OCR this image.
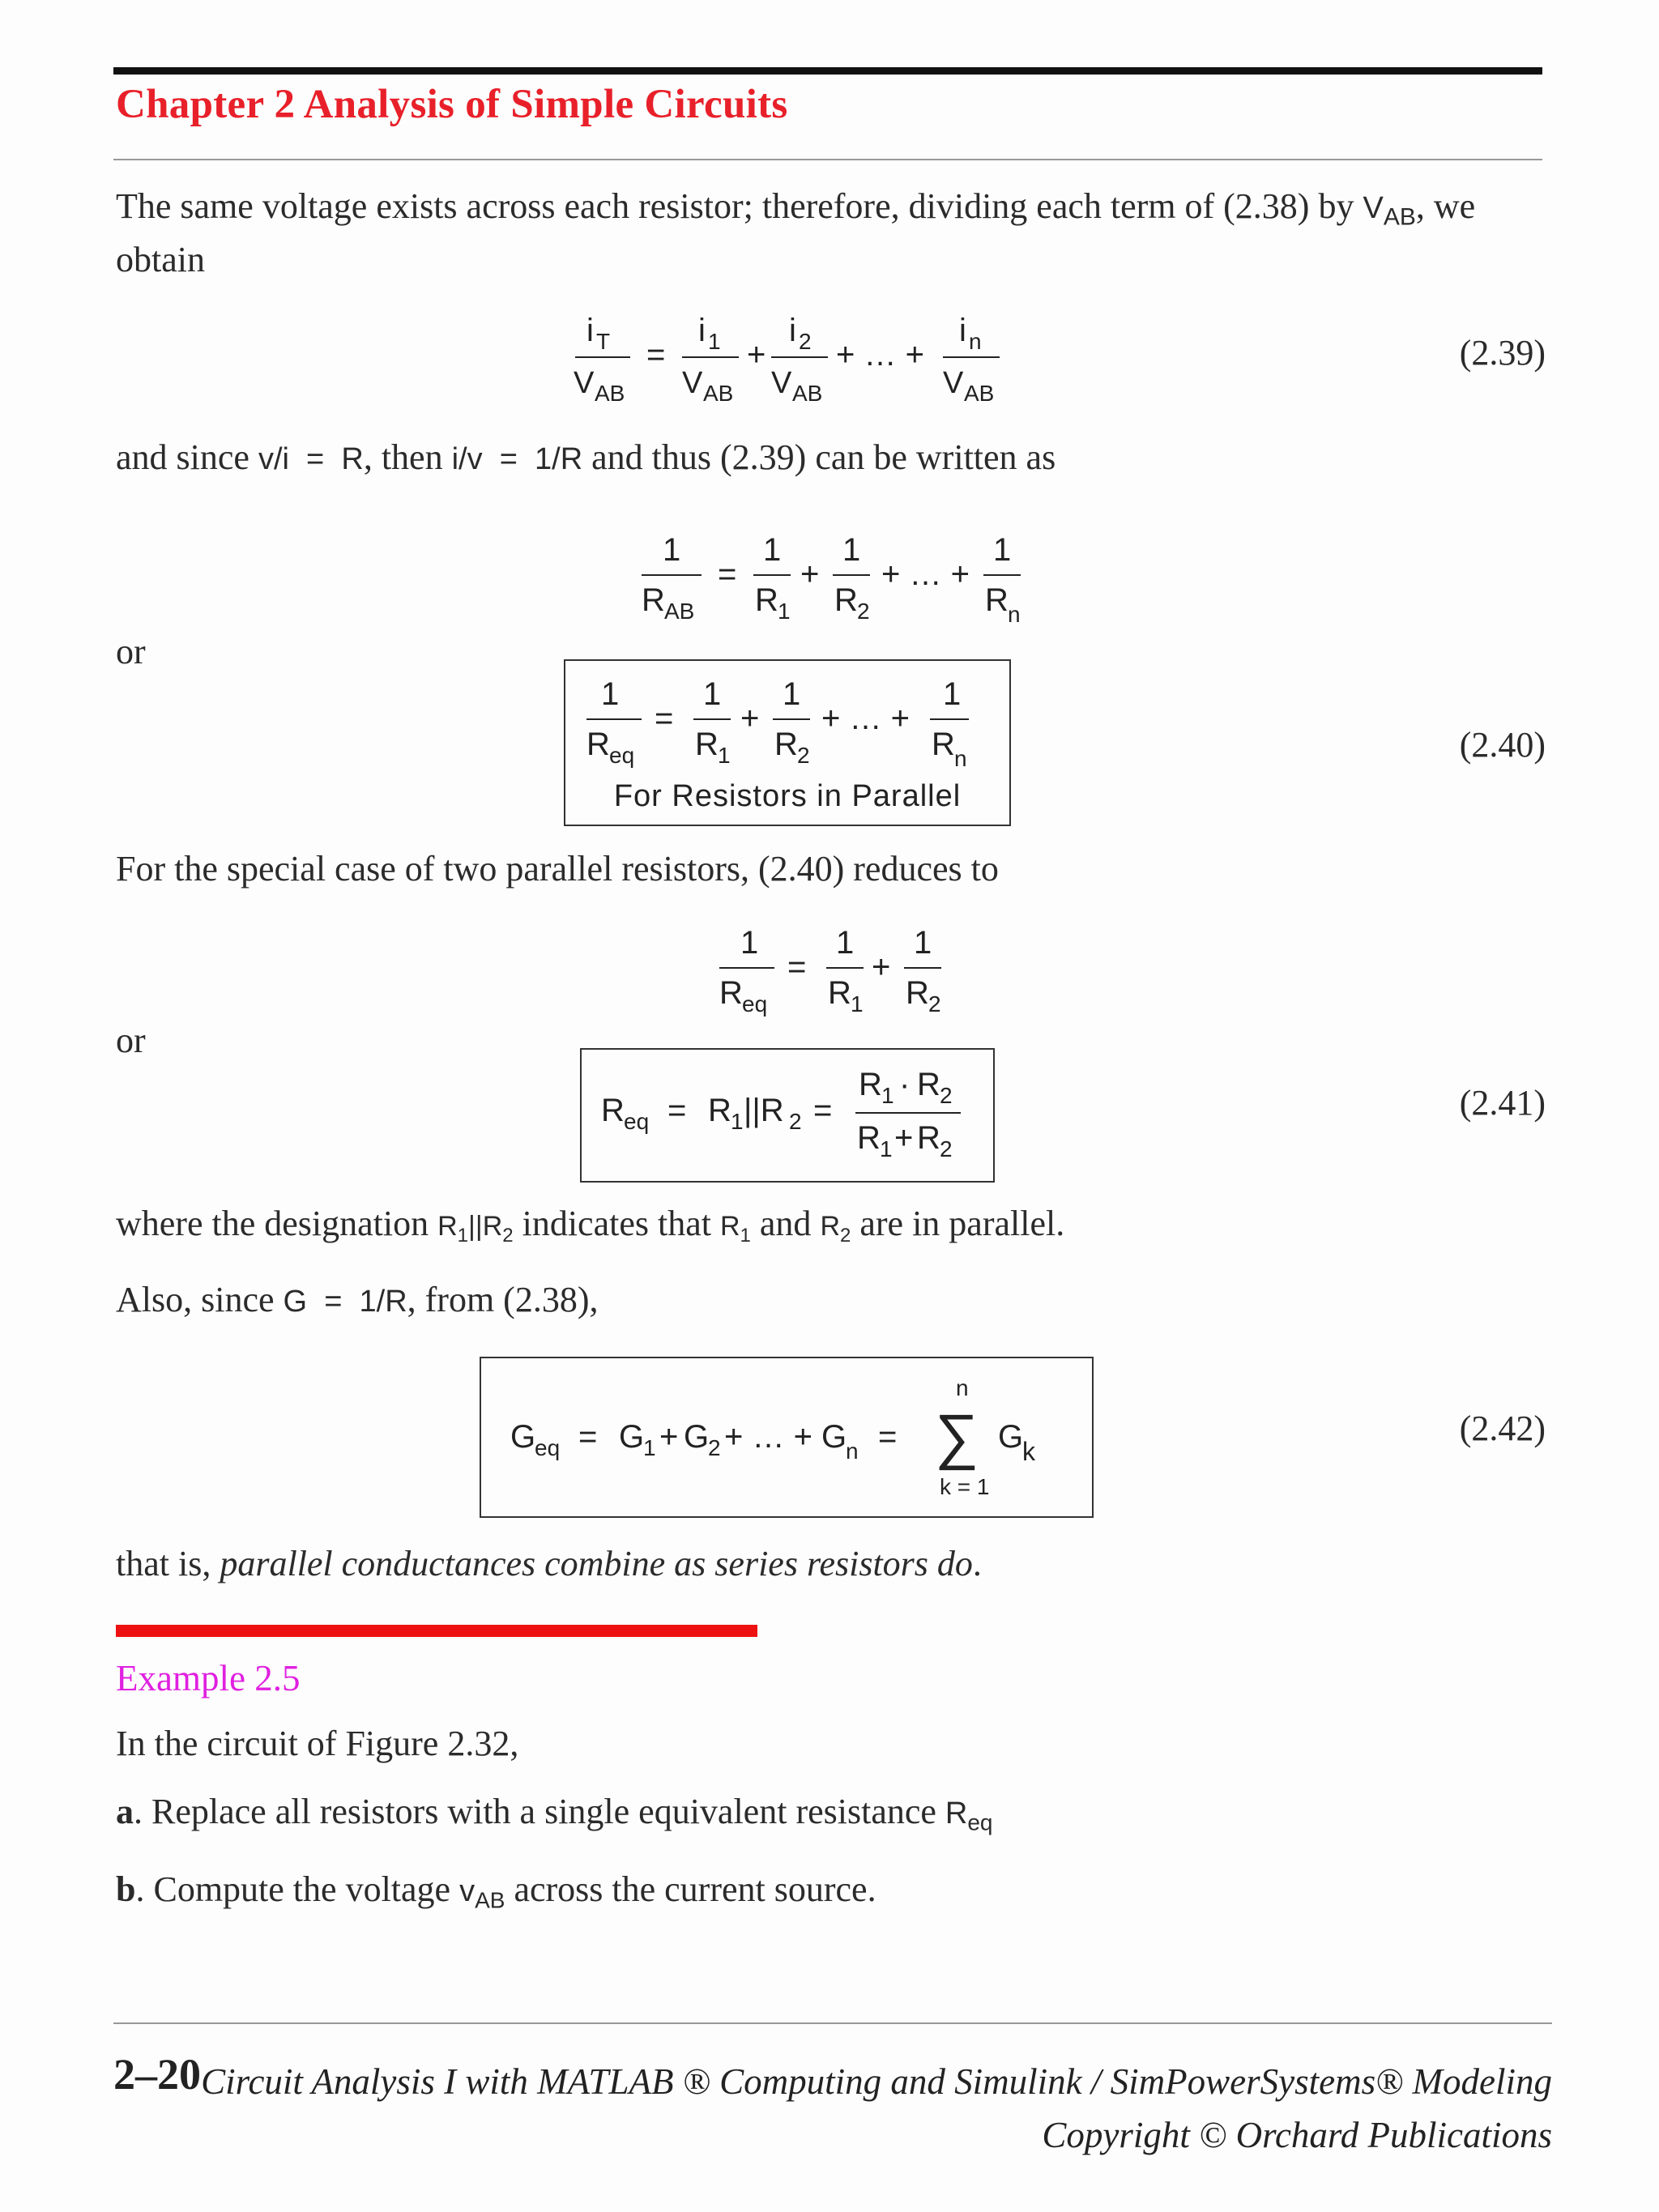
Chapter 2 Analysis of Simple Circuits
The same voltage exists across each resistor; therefore, dividing each term of (2.38) by $V_{AB}$, we
obtain
i T
V AB
=
i 1
V AB
+
i 2
V AB
+ … +
i n
V AB
(2.39)
and since v/i  =  R, then i/v  =  1/R and thus (2.39) can be written as
1
R AB
=
1
R 1
+
1
R 2
+ … +
1
R n
or
1
R eq
=
1
R 1
+
1
R 2
+ … +
1
R n
For Resistors in Parallel
(2.40)
For the special case of two parallel resistors, (2.40) reduces to
1
R eq
=
1
R 1
+
1
R 2
or
R eq = R 1 ||R 2 =
R 1 · R 2
R 1 + R 2
(2.41)
where the designation $R_1||R_2$ indicates that $R_1$ and $R_2$ are in parallel.
Also, since G  =  1/R, from (2.38),
G
eq = G
1 + G
2 + … + G
n =
n
∑ G
k
k = 1
(2.42)
that is, parallel conductances combine as series resistors do.
Example 2.5
In the circuit of Figure 2.32,
a. Replace all resistors with a single equivalent resistance $R_{eq}$
b. Compute the voltage $v_{AB}$ across the current source.
2–20 Circuit Analysis I with MATLAB ® Computing and Simulink / SimPowerSystems® Modeling
Copyright © Orchard Publications
